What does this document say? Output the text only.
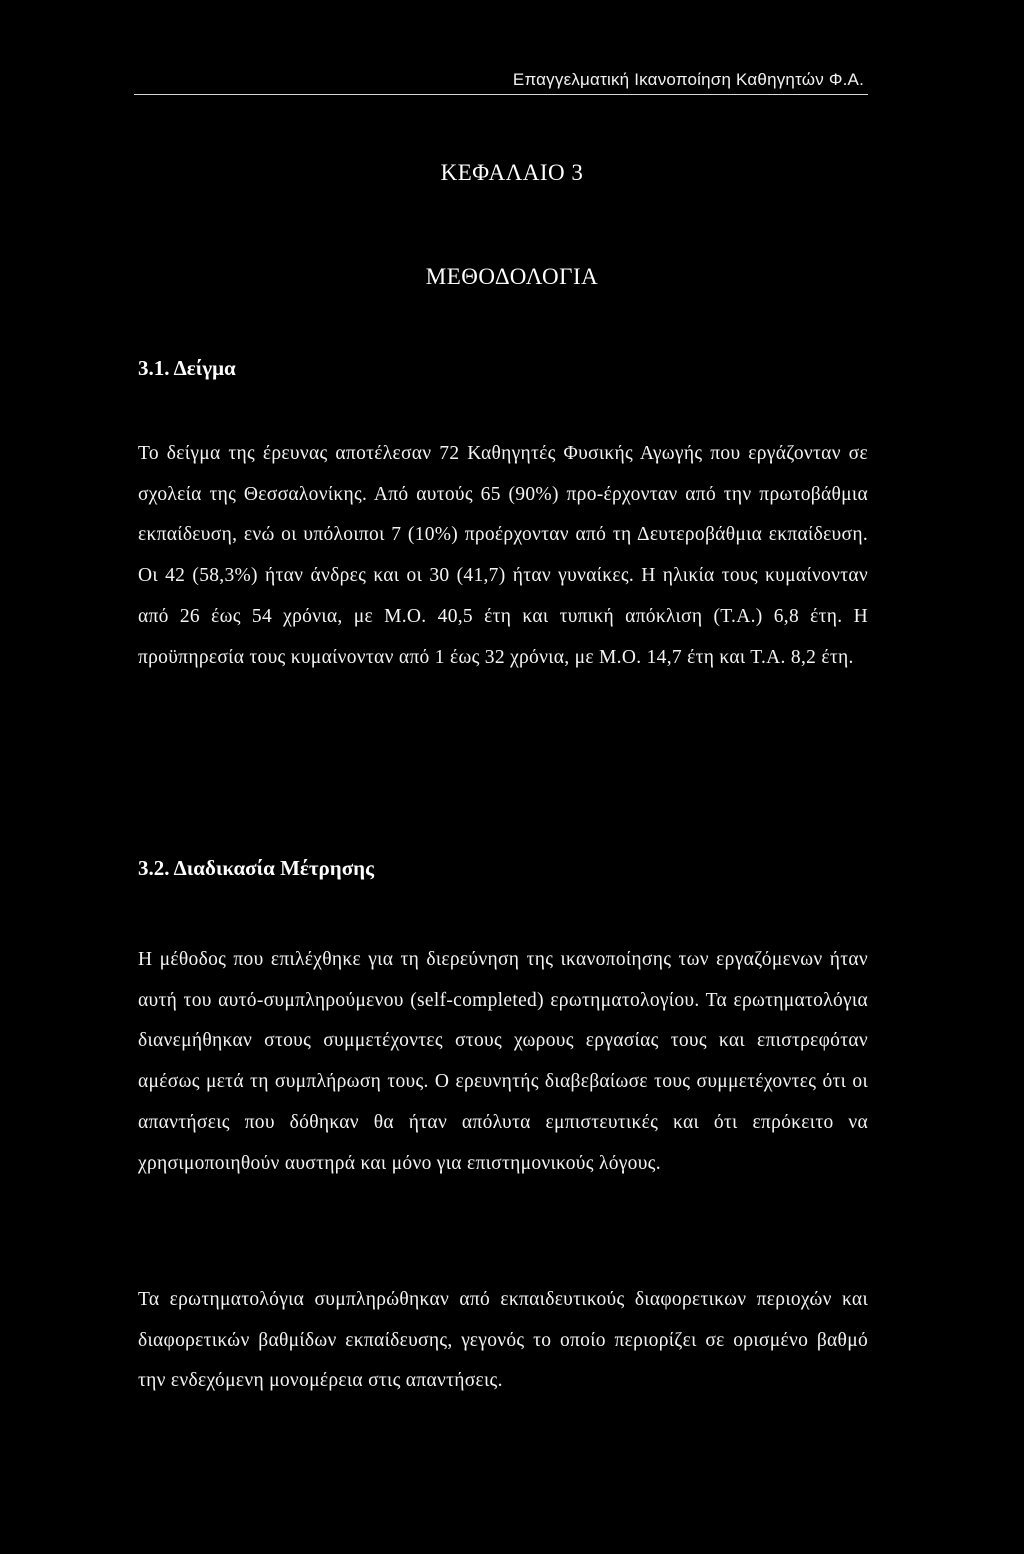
Επαγγελματική Ικανοποίηση Καθηγητών Φ.Α.
ΚΕΦΑΛΑΙΟ 3
ΜΕΘΟΔΟΛΟΓΙΑ
3.1. Δείγμα
Το δείγμα της έρευνας αποτέλεσαν 72 Καθηγητές Φυσικής Αγωγής που εργάζονταν σε σχολεία της Θεσσαλονίκης. Από αυτούς 65 (90%) προ-έρχονταν από την πρωτοβάθμια εκπαίδευση, ενώ οι υπόλοιποι 7 (10%) προέρχονταν από τη Δευτεροβάθμια εκπαίδευση. Οι 42 (58,3%) ήταν άνδρες και οι 30 (41,7) ήταν γυναίκες. Η ηλικία τους κυμαίνονταν από 26 έως 54 χρόνια, με Μ.Ο. 40,5 έτη και τυπική απόκλιση (Τ.Α.) 6,8 έτη. Η προϋπηρεσία τους κυμαίνονταν από 1 έως 32 χρόνια, με Μ.Ο. 14,7 έτη και Τ.Α. 8,2 έτη.
3.2. Διαδικασία Μέτρησης
Η μέθοδος που επιλέχθηκε για τη διερεύνηση της ικανοποίησης των εργαζόμενων ήταν αυτή του αυτό-συμπληρούμενου (self-completed) ερωτηματολογίου. Τα ερωτηματολόγια διανεμήθηκαν στους συμμετέχοντες στους χωρους εργασίας τους και επιστρεφόταν αμέσως μετά τη συμπλήρωση τους. Ο ερευνητής διαβεβαίωσε τους συμμετέχοντες ότι οι απαντήσεις που δόθηκαν θα ήταν απόλυτα εμπιστευτικές και ότι επρόκειτο να χρησιμοποιηθούν αυστηρά και μόνο για επιστημονικούς λόγους.
Τα ερωτηματολόγια συμπληρώθηκαν από εκπαιδευτικούς διαφορετικων περιοχών και διαφορετικών βαθμίδων εκπαίδευσης, γεγονός το οποίο περιορίζει σε ορισμένο βαθμό την ενδεχόμενη μονομέρεια στις απαντήσεις.
